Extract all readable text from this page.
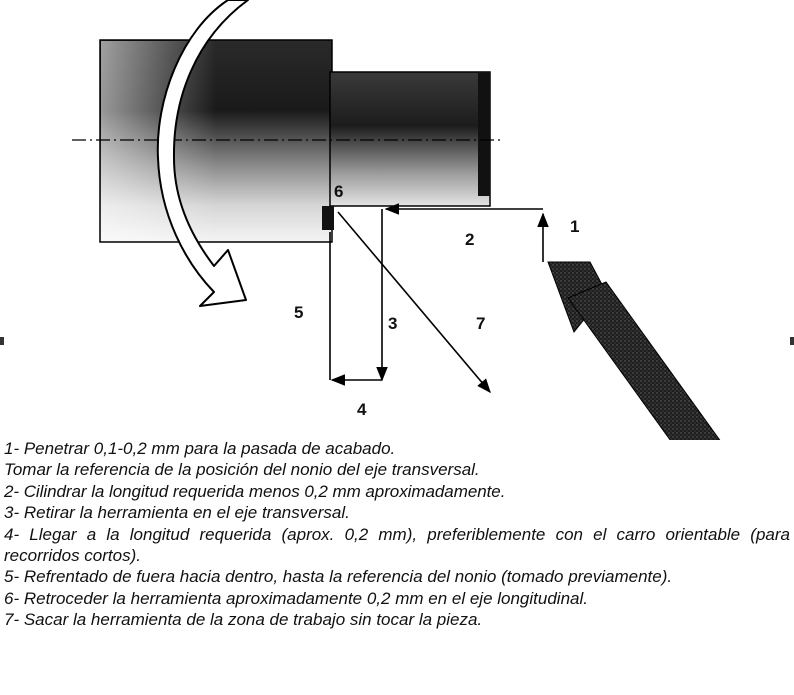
1
2
3
4
5
6
7
1- Penetrar 0,1-0,2 mm para la pasada de acabado.
Tomar la referencia de la posición del nonio del eje transversal.
2- Cilindrar la longitud requerida menos 0,2 mm aproximadamente.
3- Retirar la herramienta en el eje transversal.
4- Llegar a la longitud requerida (aprox. 0,2 mm), preferiblemente con el carro orientable (para recorridos cortos).
5- Refrentado de fuera hacia dentro, hasta la referencia del nonio (tomado previamente).
6- Retroceder la herramienta aproximadamente 0,2 mm en el eje longitudinal.
7- Sacar la herramienta de la zona de trabajo sin tocar la pieza.
